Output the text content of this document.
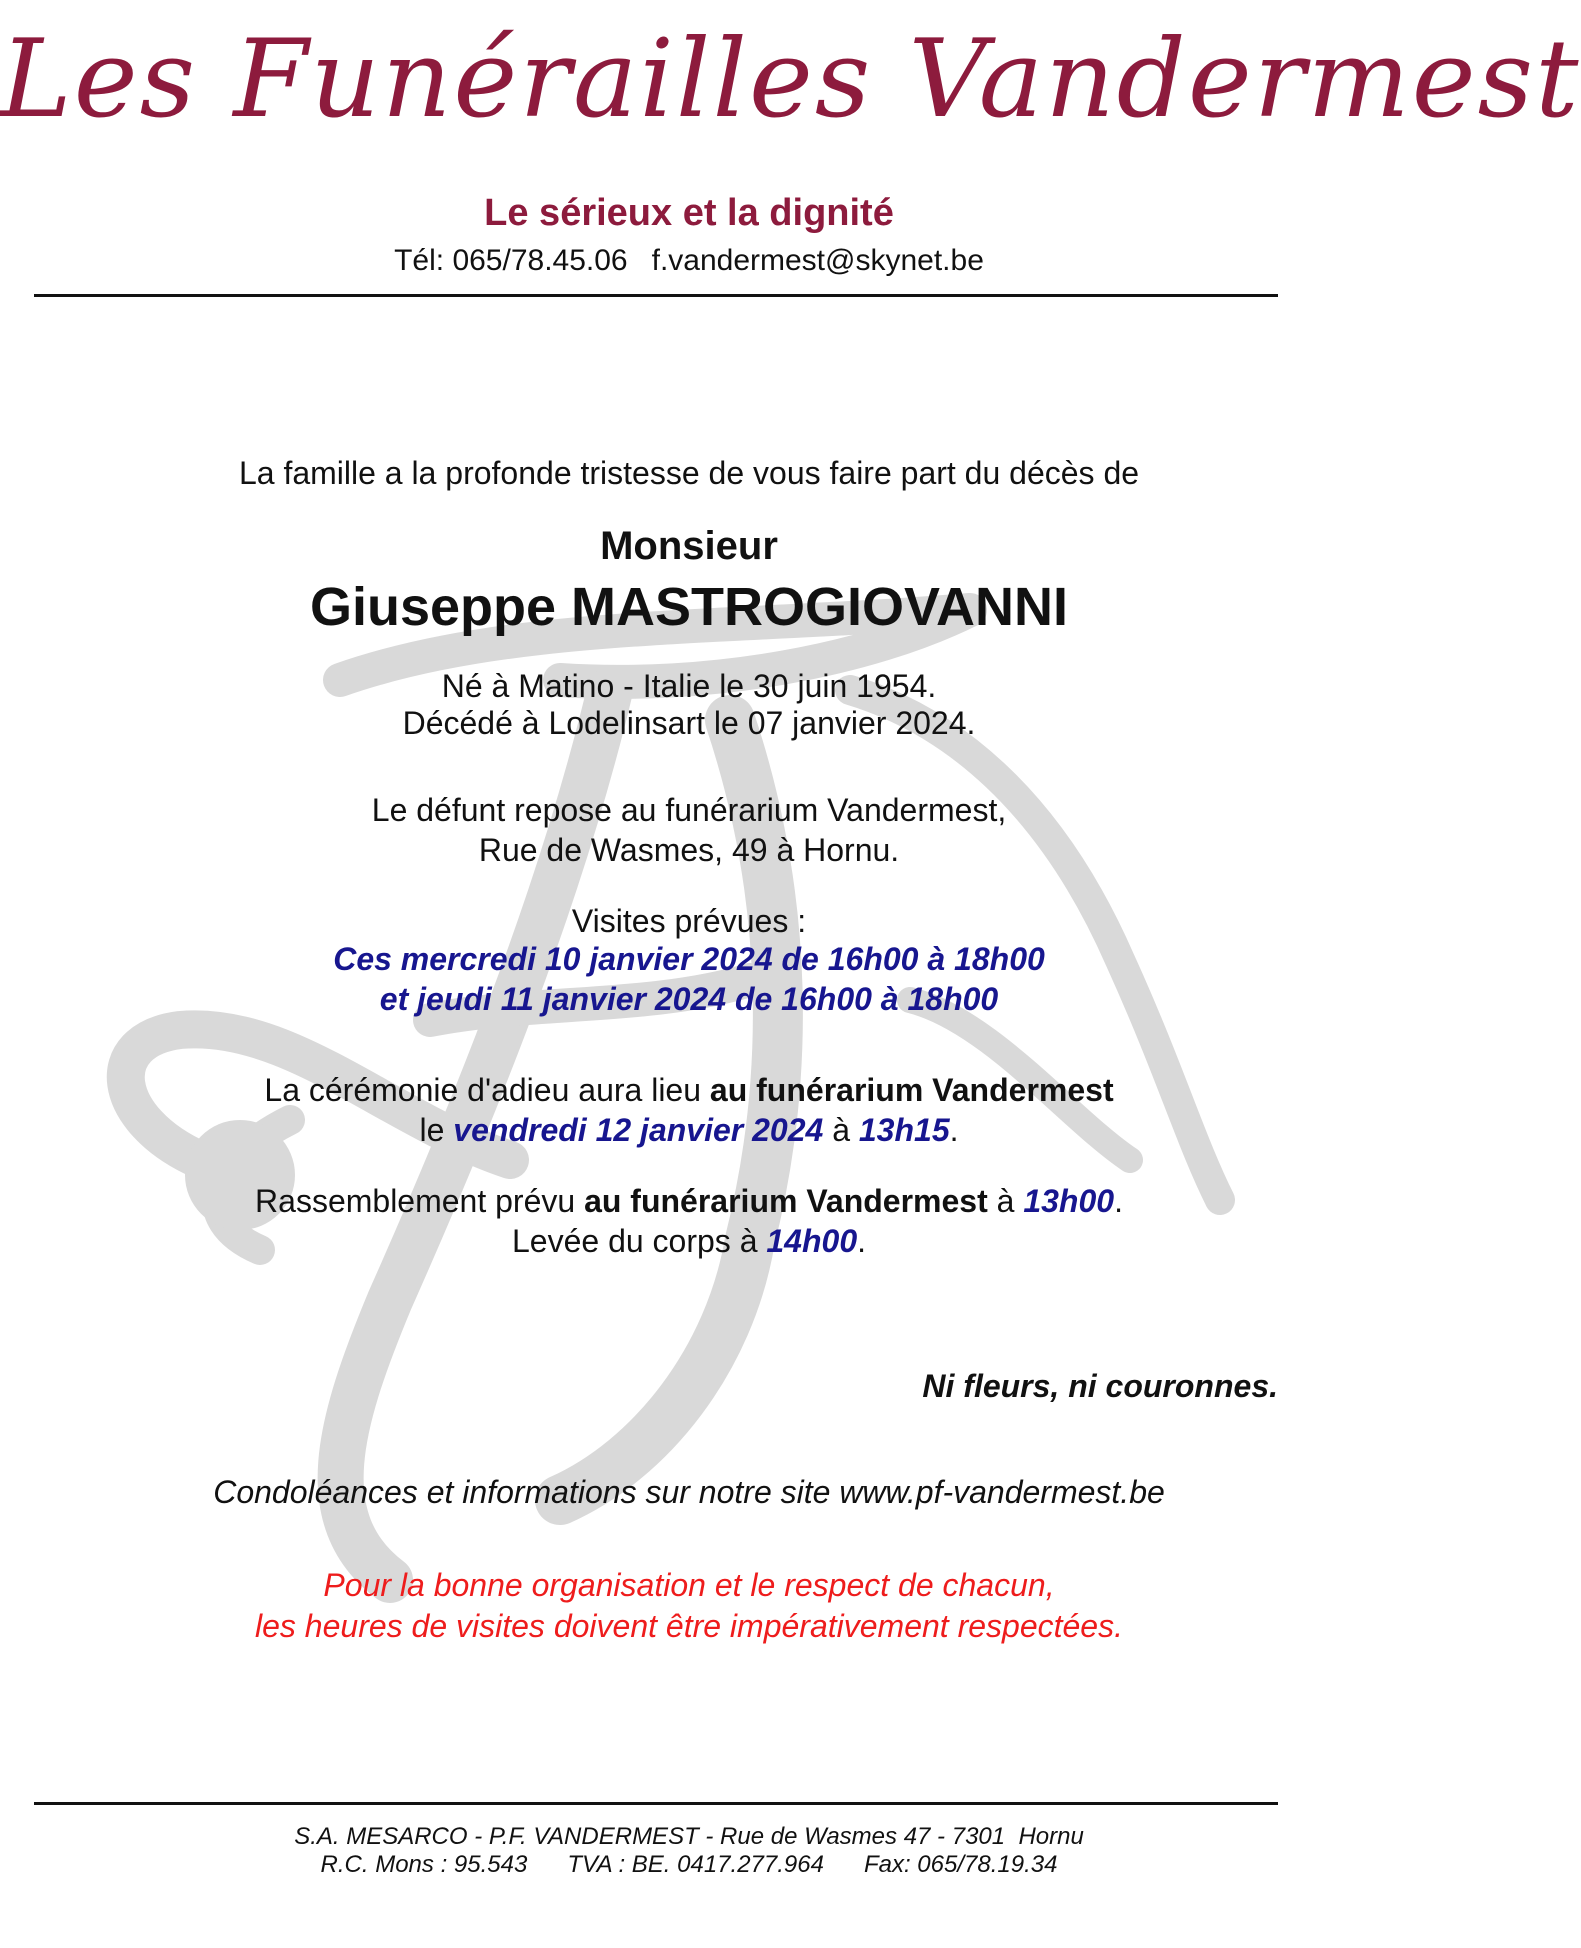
Les Funérailles Vandermest
Le sérieux et la dignité
Tél: 065/78.45.06 f.vandermest@skynet.be
La famille a la profonde tristesse de vous faire part du décès de
Monsieur
Giuseppe MASTROGIOVANNI
Né à Matino - Italie le 30 juin 1954.
Décédé à Lodelinsart le 07 janvier 2024.
Le défunt repose au funérarium Vandermest,
Rue de Wasmes, 49 à Hornu.
Visites prévues :
Ces mercredi 10 janvier 2024 de 16h00 à 18h00
et jeudi 11 janvier 2024 de 16h00 à 18h00
La cérémonie d'adieu aura lieu au funérarium Vandermest
le vendredi 12 janvier 2024 à 13h15.
Rassemblement prévu au funérarium Vandermest à 13h00.
Levée du corps à 14h00.
Ni fleurs, ni couronnes.
Condoléances et informations sur notre site www.pf-vandermest.be
Pour la bonne organisation et le respect de chacun,
les heures de visites doivent être impérativement respectées.
S.A. MESARCO - P.F. VANDERMEST - Rue de Wasmes 47 - 7301  Hornu
R.C. Mons : 95.543 TVA : BE. 0417.277.964 Fax: 065/78.19.34
